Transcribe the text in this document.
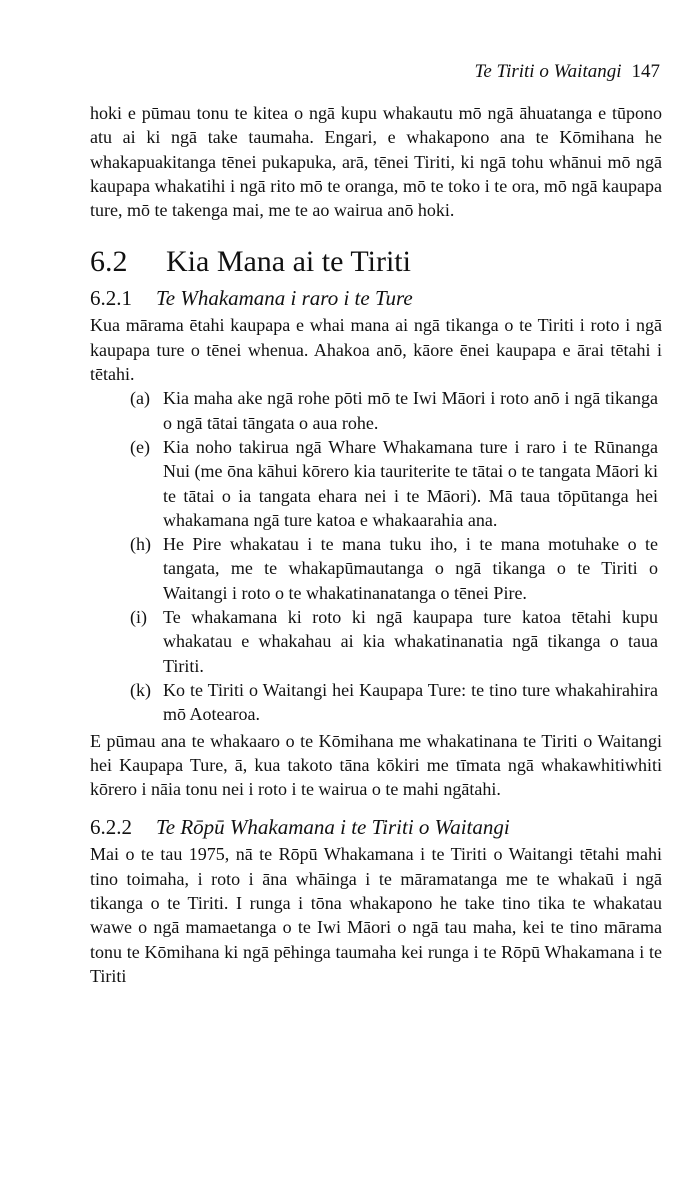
Te Tiriti o Waitangi 147

hoki e pūmau tonu te kitea o ngā kupu whakautu mō ngā āhuatanga e tūpono atu ai ki ngā take taumaha. Engari, e whakapono ana te Kōmihana he whakapuakitanga tēnei pukapuka, arā, tēnei Tiriti, ki ngā tohu whānui mō ngā kaupapa whakatihi i ngā rito mō te oranga, mō te toko i te ora, mō ngā kaupapa ture, mō te takenga mai, me te ao wairua anō hoki.

6.2 Kia Mana ai te Tiriti
6.2.1 Te Whakamana i raro i te Ture

Kua mārama ētahi kaupapa e whai mana ai ngā tikanga o te Tiriti i roto i ngā kaupapa ture o tēnei whenua. Ahakoa anō, kāore ēnei kaupapa e ārai tētahi i tētahi.

(a) Kia maha ake ngā rohe pōti mō te Iwi Māori i roto anō i ngā tikanga o ngā tātai tāngata o aua rohe.
(e) Kia noho takirua ngā Whare Whakamana ture i raro i te Rūnanga Nui (me ōna kāhui kōrero kia tauriterite te tātai o te tangata Māori ki te tātai o ia tangata ehara nei i te Māori). Mā taua tōpūtanga hei whakamana ngā ture katoa e whakaarahia ana.
(h) He Pire whakatau i te mana tuku iho, i te mana motuhake o te tangata, me te whakapūmautanga o ngā tikanga o te Tiriti o Waitangi i roto o te whakatinanatanga o tēnei Pire.
(i) Te whakamana ki roto ki ngā kaupapa ture katoa tētahi kupu whakatau e whakahau ai kia whakatinanatia ngā tikanga o taua Tiriti.
(k) Ko te Tiriti o Waitangi hei Kaupapa Ture: te tino ture whakahirahira mō Aotearoa.

E pūmau ana te whakaaro o te Kōmihana me whakatinana te Tiriti o Waitangi hei Kaupapa Ture, ā, kua takoto tāna kōkiri me tīmata ngā whakawhitiwhiti kōrero i nāia tonu nei i roto i te wairua o te mahi ngātahi.

6.2.2 Te Rōpū Whakamana i te Tiriti o Waitangi

Mai o te tau 1975, nā te Rōpū Whakamana i te Tiriti o Waitangi tētahi mahi tino toimaha, i roto i āna whāinga i te māramatanga me te whakaū i ngā tikanga o te Tiriti. I runga i tōna whakapono he take tino tika te whakatau wawe o ngā mamaetanga o te Iwi Māori o ngā tau maha, kei te tino mārama tonu te Kōmihana ki ngā pēhinga taumaha kei runga i te Rōpū Whakamana i te Tiriti
